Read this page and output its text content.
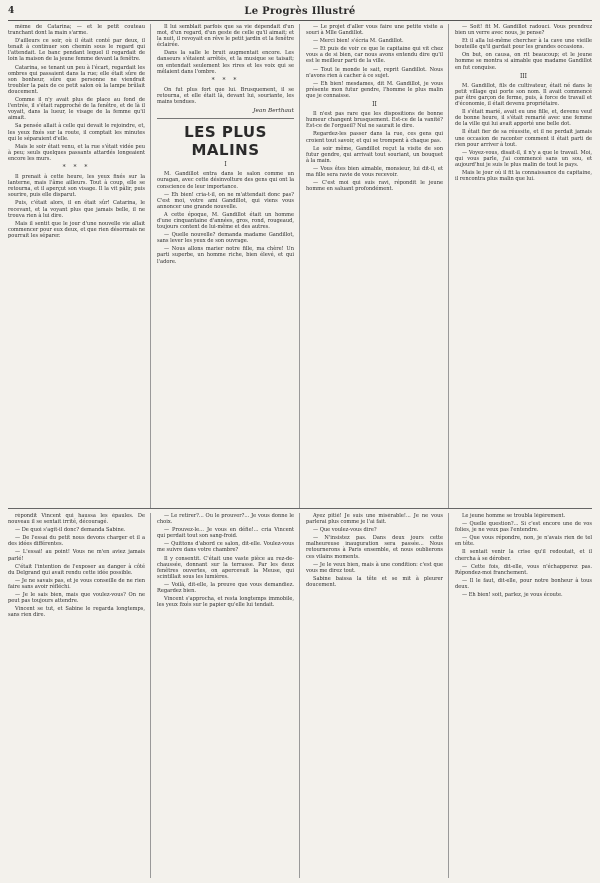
4	Le Progrès Illustré

même de Catarina; — et le petit couteau tranchant dont la main s'arme.

D'ailleurs ce soir, où il était conté par deux, il tenait à continuer son chemin sous le regard qui l'attendait. Le banc pendant lequel il regardait de loin la maison de la jeune femme devant la fenêtre.

Catarina, se tenant un peu à l'écart, regardait les ombres qui passaient dans la rue; elle était sûre de son bonheur, sûre que personne ne viendrait troubler la paix de ce petit salon où la lampe brûlait doucement.

Comme il n'y avait plus de place au fond de l'entrée, il s'était rapproché de la fenêtre, et de là il voyait, dans la lueur, le visage de la femme qu'il aimait.

Sa pensée allait à celle qui devait le rejoindre, et, les yeux fixés sur la route, il comptait les minutes qui le séparaient d'elle.

Mais le soir était venu, et la rue s'était vidée peu à peu; seuls quelques passants attardés longeaient encore les murs.

* * *

Il prenait à cette heure, les yeux fixés sur la lanterne, mais l'âme ailleurs. Tout à coup, elle se retourna, et il aperçut son visage. Il la vit pâlir, puis sourire, puis elle disparut.

Puis, c'était alors, il en était sûr! Catarina, le recevant, et la voyant plus que jamais belle, il ne trouva rien à lui dire.

Mais il sentit que le jour d'une nouvelle vie allait commencer pour eux deux, et que rien désormais ne pourrait les séparer.

Il lui semblait parfois que sa vie dépendait d'un mot, d'un regard, d'un geste de celle qu'il aimait; et la nuit, il revoyait en rêve le petit jardin et la fenêtre éclairée.

Dans la salle le bruit augmentait encore. Les danseurs s'étaient arrêtés, et la musique se taisait; on entendait seulement les rires et les voix qui se mêlaient dans l'ombre.

* * *

On fut plus fort que lui. Brusquement, il se retourna, et elle était là, devant lui, souriante, les mains tendues.

Jean Berthaut
LES PLUS MALINS
I

M. Gandillot entra dans le salon comme un ouragan, avec cette désinvolture des gens qui ont la conscience de leur importance.

— Eh bien! cria-t-il, on ne m'attendait donc pas? C'est moi, votre ami Gandillot, qui viens vous annoncer une grande nouvelle.

A cette époque, M. Gandillot était un homme d'une cinquantaine d'années, gros, rond, rougeaud, toujours content de lui-même et des autres.

— Quelle nouvelle? demanda madame Gandillot, sans lever les yeux de son ouvrage.

— Nous allons marier notre fille, ma chère! Un parti superbe, un homme riche, bien élevé, et qui l'adore.

— Le projet d'aller vous faire une petite visite a souri à Mlle Gandillot.

— Merci bien! s'écria M. Gandillot.

— Et puis de voir ce que le capitaine qui vit chez vous a de si bien, car nous avons entendu dire qu'il est le meilleur parti de la ville.

— Tout le monde le sait, reprit Gandillot. Nous n'avons rien à cacher à ce sujet.

— Eh bien! mesdames, dit M. Gandillot, je vous présente mon futur gendre, l'homme le plus malin que je connaisse.

II

Il n'est pas rare que les dispositions de bonne humeur changent brusquement. Est-ce de la vanité? Est-ce de l'orgueil? Nul ne saurait le dire.

Regardez-les passer dans la rue, ces gens qui croient tout savoir, et qui se trompent à chaque pas.

Le soir même, Gandillot reçut la visite de son futur gendre, qui arrivait tout souriant, un bouquet à la main.

— Vous êtes bien aimable, monsieur, lui dit-il, et ma fille sera ravie de vous recevoir.

— C'est moi qui suis ravi, répondit le jeune homme en saluant profondément.

— Soit! fit M. Gandillot radouci. Vous prendrez bien un verre avec nous, je pense?

Et il alla lui-même chercher à la cave une vieille bouteille qu'il gardait pour les grandes occasions.

On but, on causa, on rit beaucoup; et le jeune homme se montra si aimable que madame Gandillot en fut conquise.

III

M. Gandillot, fils de cultivateur, était né dans le petit village qui porte son nom. Il avait commencé par être garçon de ferme, puis, à force de travail et d'économie, il était devenu propriétaire.

Il s'était marié, avait eu une fille, et, devenu veuf de bonne heure, il s'était remarié avec une femme de la ville qui lui avait apporté une belle dot.

Il était fier de sa réussite, et il ne perdait jamais une occasion de raconter comment il était parti de rien pour arriver à tout.

— Voyez-vous, disait-il, il n'y a que le travail. Moi, qui vous parle, j'ai commencé sans un sou, et aujourd'hui je suis le plus malin de tout le pays.

Mais le jour où il fit la connaissance du capitaine, il rencontra plus malin que lui.

répondit Vincent qui haussa les épaules. De nouveau il se sentait irrité, découragé.

— De quoi s'agit-il donc? demanda Sabine.

— De l'essai du petit nous devons charger et il a des idées différentes.

— L'essai! au point! Vous ne m'en aviez jamais parlé!

C'était l'intention de l'exposer au danger à côté du Delgrand qui avait rendu cette idée possible.

— Je ne savais pas, et je vous conseille de ne rien faire sans avoir réfléchi.

— Je le sais bien, mais que voulez-vous? On ne peut pas toujours attendre.

Vincent se tut, et Sabine le regarda longtemps, sans rien dire.

— Le retirer?... Ou le prouver?... Je vous donne le choix.

— Prouvez-le... Je vous en défie!... cria Vincent qui perdait tout son sang-froid.

— Quittons d'abord ce salon, dit-elle. Voulez-vous me suivre dans votre chambre?

Il y consentit. C'était une vaste pièce au rez-de-chaussée, donnant sur la terrasse. Par les deux fenêtres ouvertes, on apercevait la Meuse, qui scintillait sous les lumières.

— Voilà, dit-elle, la preuve que vous demandiez. Regardez bien.

Vincent s'approcha, et resta longtemps immobile, les yeux fixés sur le papier qu'elle lui tendait.

Ayez pitié! Je suis une misérable!... Je ne vous parlerai plus comme je l'ai fait.

— Que voulez-vous dire?

— N'insistez pas. Dans deux jours cette malheureuse inauguration sera passée... Nous retournerons à Paris ensemble, et nous oublierons ces vilains moments.

— Je le veux bien, mais à une condition: c'est que vous me direz tout.

Sabine baissa la tête et se mit à pleurer doucement.

Le jeune homme se troubla légèrement.

— Quelle question?... Si c'est encore une de vos folies, je ne veux pas l'entendre.

— Que vous répondre, non, je n'avais rien de tel en tête.

Il sentait venir la crise qu'il redoutait, et il chercha à se dérober.

— Cette fois, dit-elle, vous n'échapperez pas. Répondez-moi franchement.

— Il le faut, dit-elle, pour notre bonheur à tous deux.

— Eh bien! soit, parlez, je vous écoute.
